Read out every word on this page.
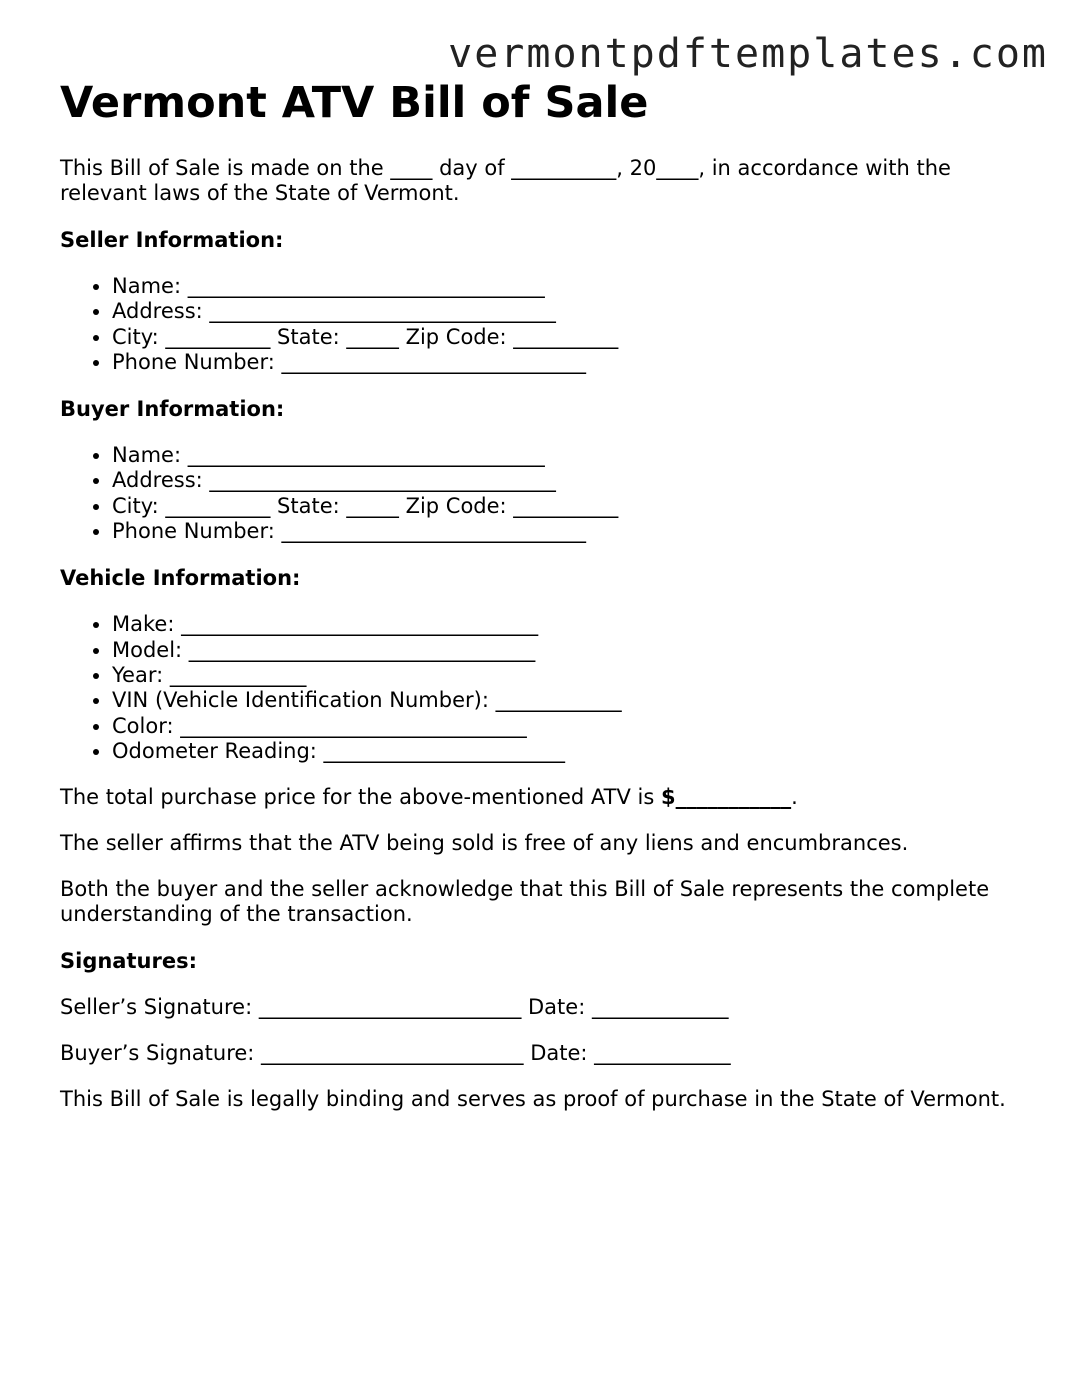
vermontpdftemplates.com
Vermont ATV Bill of Sale

This Bill of Sale is made on the ____ day of __________, 20____, in accordance with the relevant laws of the State of Vermont.

Seller Information:
• Name: __________________________________
• Address: _________________________________
• City: __________ State: _____ Zip Code: __________
• Phone Number: _____________________________
Buyer Information:
• Name: __________________________________
• Address: _________________________________
• City: __________ State: _____ Zip Code: __________
• Phone Number: _____________________________
Vehicle Information:
• Make: __________________________________
• Model: _________________________________
• Year: _____________
• VIN (Vehicle Identification Number): ____________
• Color: _________________________________
• Odometer Reading: _______________________

The total purchase price for the above-mentioned ATV is $___________.

The seller affirms that the ATV being sold is free of any liens and encumbrances.

Both the buyer and the seller acknowledge that this Bill of Sale represents the complete understanding of the transaction.

Signatures:

Seller’s Signature: _________________________ Date: _____________

Buyer’s Signature: _________________________ Date: _____________

This Bill of Sale is legally binding and serves as proof of purchase in the State of Vermont.
